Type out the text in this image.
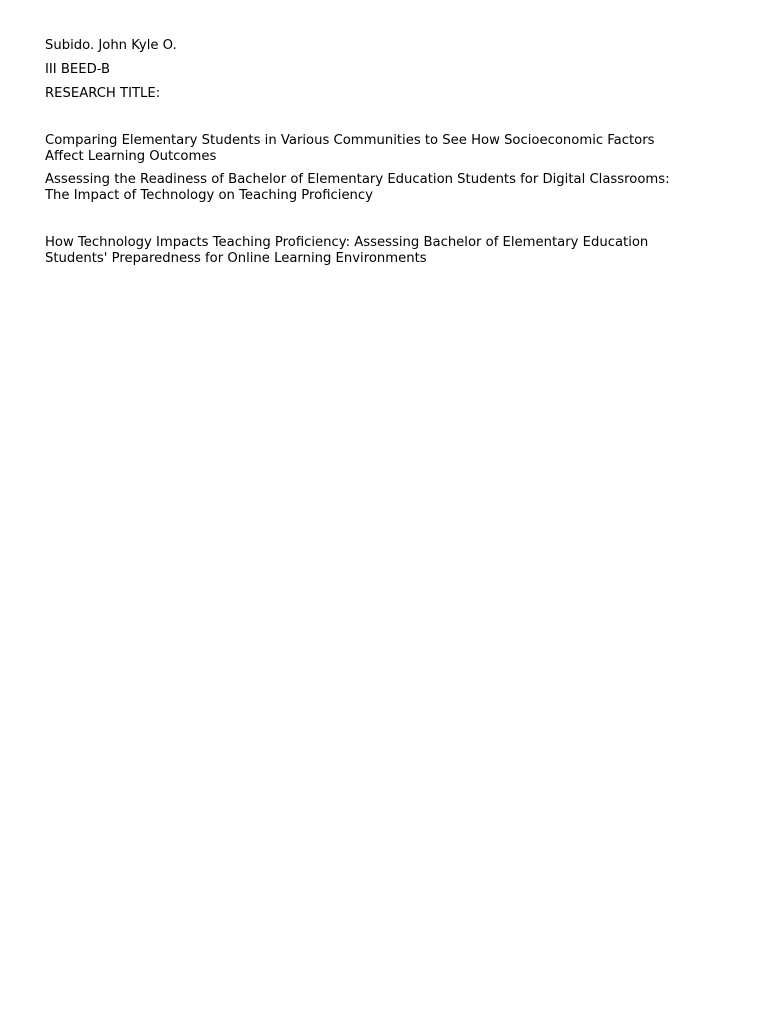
Subido. John Kyle O.

III BEED-B

RESEARCH TITLE:

Comparing Elementary Students in Various Communities to See How Socioeconomic Factors
Affect Learning Outcomes

Assessing the Readiness of Bachelor of Elementary Education Students for Digital Classrooms:
The Impact of Technology on Teaching Proficiency

How Technology Impacts Teaching Proficiency: Assessing Bachelor of Elementary Education
Students' Preparedness for Online Learning Environments
